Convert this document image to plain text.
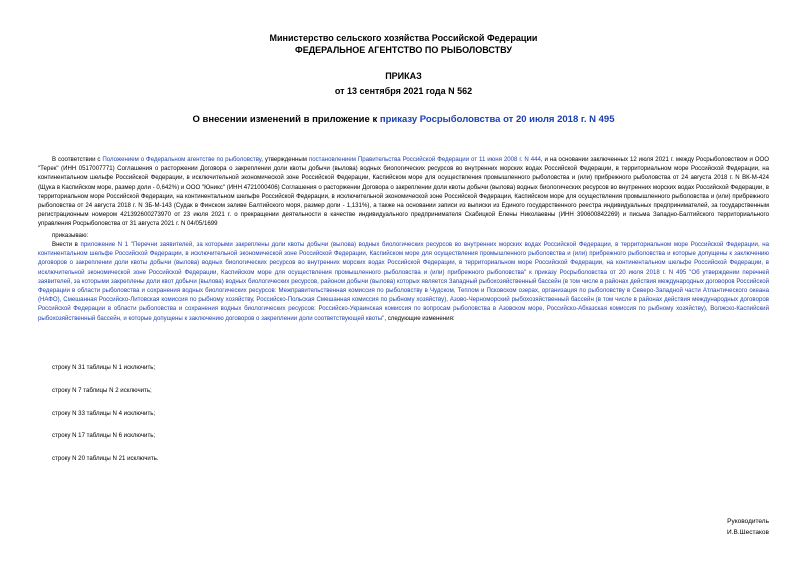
Министерство сельского хозяйства Российской Федерации
ФЕДЕРАЛЬНОЕ АГЕНТСТВО ПО РЫБОЛОВСТВУ
ПРИКАЗ
от 13 сентября 2021 года N 562
О внесении изменений в приложение к приказу Росрыболовства от 20 июля 2018 г. N 495
В соответствии с Положением о Федеральном агентстве по рыболовству, утвержденным постановлением Правительства Российской Федерации от 11 июня 2008 г. N 444, и на основании заключенных 12 июля 2021 г. между Росрыболовством и ООО "Терек" (ИНН 0517007771) Соглашения о расторжении Договора о закреплении доли квоты добычи (вылова) водных биологических ресурсов во внутренних морских водах Российской Федерации, в территориальном море Российской Федерации, на континентальном шельфе Российской Федерации, в исключительной экономической зоне Российской Федерации, Каспийском море для осуществления промышленного рыболовства и (или) прибрежного рыболовства от 24 августа 2018 г. N ВК-М-424 (Щука в Каспийском море, размер доли - 0,642%) и ООО "Юникс" (ИНН 4721000406) Соглашения о расторжении Договора о закреплении доли квоты добычи (вылова) водных биологических ресурсов во внутренних морских водах Российской Федерации, в территориальном море Российской Федерации, на континентальном шельфе Российской Федерации, в исключительной экономической зоне Российской Федерации, Каспийском море для осуществления промышленного рыболовства и (или) прибрежного рыболовства от 24 августа 2018 г. N ЗБ-М-143 (Судак в Финском заливе Балтийского моря, размер доли - 1,131%), а также на основании записи из выписки из Единого государственного реестра индивидуальных предпринимателей, за государственным регистрационным номером 421392600273970 от 23 июля 2021 г. о прекращении деятельности в качестве индивидуального предпринимателя Скабицкой Елены Николаевны (ИНН 390600842269) и письма Западно-Балтийского территориального управления Росрыболовства от 31 августа 2021 г. N 04/05/1699
приказываю:
Внести в приложение N 1 "Перечни заявителей, за которыми закреплены доли квоты добычи (вылова) водных биологических ресурсов во внутренних морских водах Российской Федерации, в территориальном море Российской Федерации, на континентальном шельфе Российской Федерации, в исключительной экономической зоне Российской Федерации, Каспийском море для осуществления промышленного рыболовства и (или) прибрежного рыболовства и которые допущены к заключению договоров о закреплении доли квоты добычи (вылова) водных биологических ресурсов во внутренних морских водах Российской Федерации, в территориальном море Российской Федерации, на континентальном шельфе Российской Федерации, в исключительной экономической зоне Российской Федерации, Каспийском море для осуществления промышленного рыболовства и (или) прибрежного рыболовства" к приказу Росрыболовства от 20 июля 2018 г. N 495 "Об утверждении перечней заявителей, за которыми закреплены доли квот добычи (вылова) водных биологических ресурсов, районом добычи (вылова) которых является Западный рыбохозяйственный бассейн (в том числе в районах действия международных договоров Российской Федерации в области рыболовства и сохранения водных биологических ресурсов: Межправительственная комиссия по рыболовству в Чудском, Теплом и Псковском озерах, организация по рыболовству в Северо-Западной части Атлантического океана (НАФО), Смешанная Российско-Литовская комиссия по рыбному хозяйству, Российско-Польская Смешанная комиссия по рыбному хозяйству), Азово-Черноморский рыбохозяйственный бассейн (в том числе в районах действия международных договоров Российской Федерации в области рыболовства и сохранения водных биологических ресурсов: Российско-Украинская комиссия по вопросам рыболовства в Азовском море, Российско-Абхазская комиссия по рыбному хозяйству), Волжско-Каспийский рыбохозяйственный бассейн, и которые допущены к заключению договоров о закреплении доли соответствующей квоты", следующие изменения:
строку N 31 таблицы N 1 исключить;
строку N 7 таблицы N 2 исключить;
строку N 33 таблицы N 4 исключить;
строку N 17 таблицы N 6 исключить;
строку N 20 таблицы N 21 исключить.
Руководитель
И.В.Шестаков
